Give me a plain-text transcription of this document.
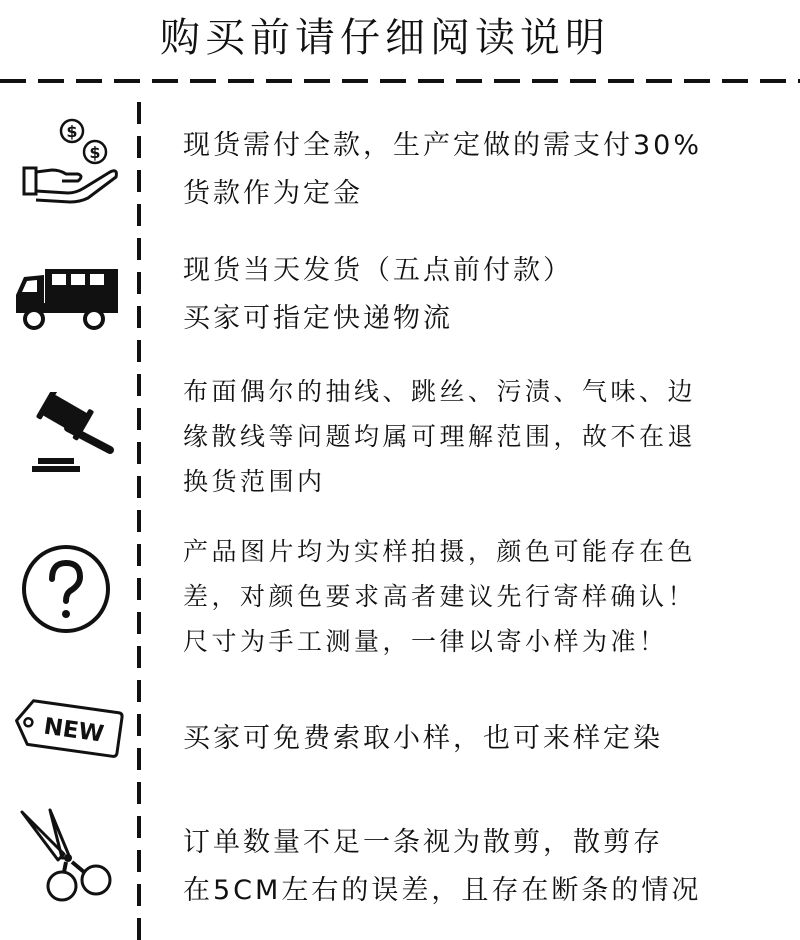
购买前请仔细阅读说明
$
$
NEW
现货需付全款，生产定做的需支付30%
货款作为定金
现货当天发货（五点前付款）
买家可指定快递物流
布面偶尔的抽线、跳丝、污渍、气味、边
缘散线等问题均属可理解范围，故不在退
换货范围内
产品图片均为实样拍摄，颜色可能存在色
差，对颜色要求高者建议先行寄样确认！
尺寸为手工测量，一律以寄小样为准！
买家可免费索取小样，也可来样定染
订单数量不足一条视为散剪，散剪存
在5CM左右的误差，且存在断条的情况
